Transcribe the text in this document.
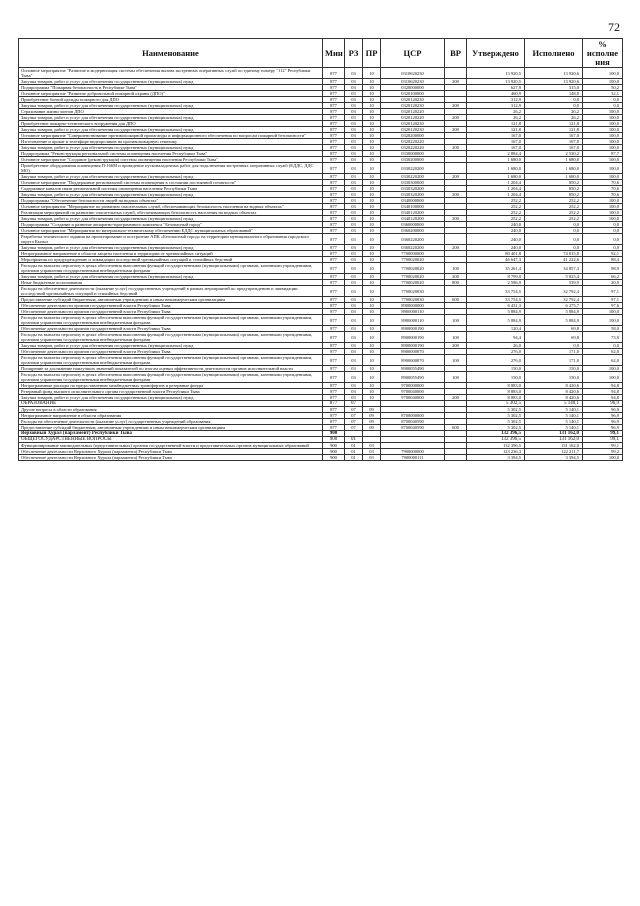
72
Наименование	Мин	РЗ	ПР	ЦСР	ВР	Утверждено	Исполнено	% исполне ния
Основное мероприятие "Развитие и модернизация системы обеспечения вызова экстренных оперативных служб по единому номеру "112" Республики Тыва"	877	03	10	0310620230		13 920,5	13 920,6	100,0
Закупка товаров, работ и услуг для обеспечения государственных (муниципальных) нужд	877	03	10	0310620230	200	13 920,5	13 920,6	100,0
Подпрограмма "Пожарная безопасность в Республике Тыва"	877	03	10	0320000000		627,9	315,0	50,2
Основное мероприятие "Развитие добровольной пожарной охраны (ДПО)"	877	03	10	0320100000		460,9	148,0	32,1
Приобретение боевой одежды пожарного для ДПО	877	03	10	0320120230		312,9	0,0	0,0
Закупка товаров, работ и услуг для обеспечения государственных (муниципальных) нужд	877	03	10	0320120230	200	312,9	0,0	0,0
Страхование жизни членов ДПО	877	03	10	0320120220		26,2	26,2	100,0
Закупка товаров, работ и услуг для обеспечения государственных (муниципальных) нужд	877	03	10	0320120220	200	26,2	26,2	100,0
Приобретение пожарно-технического вооружения для ДПО	877	03	10	0320120230		121,8	121,8	100,0
Закупка товаров, работ и услуг для обеспечения государственных (муниципальных) нужд	877	03	10	0320120230	200	121,8	121,8	100,0
Основное мероприятие "Совершенствование противопожарной пропаганды и информационного обеспечения по вопросам пожарной безопасности"	877	03	10	0320200000		167,0	167,0	100,0
Изготовление и прокат в телеэфире видеороликов на противопожарную тематику	877	03	10	0320220220		167,0	167,0	100,0
Закупка товаров, работ и услуг для обеспечения государственных (муниципальных) нужд	877	03	10	0320220220	200	167,0	167,0	100,0
Подпрограмма "Реконструкция региональной системы оповещения населения Республики Тыва"	877	03	10	0330000000		2 884,4	2 530,2	87,7
Основное мероприятие "Создание (реконструкция) системы оповещения населения Республики Тыва"	877	03	10	0330200000		1 680,0	1 680,0	100,0
Приобретение оборудования оповещения П-166М и проведение пусконаладочных работ для подключения экстренных оперативных служб (ЕДДС, ДДС МО)	877	03	10	0330220200		1 680,0	1 680,0	100,0
Закупка товаров, работ и услуг для обеспечения государственных (муниципальных) нужд	877	03	10	0330220200	200	1 680,0	1 680,0	100,0
Основное мероприятие "Поддержание региональной системы оповещения в состоянии постоянной готовности"	877	03	10	0330300000		1 204,4	850,2	70,6
Содержание каналов связи региональной системы оповещения населения Республики Тыва	877	03	10	0330320200		1 204,4	850,2	70,6
Закупка товаров, работ и услуг для обеспечения государственных (муниципальных) нужд	877	03	10	0330320200	200	1 204,4	850,2	70,6
Подпрограмма "Обеспечение безопасности людей на водных объектах"	877	03	10	0340000000		252,2	252,2	100,0
Основное мероприятие "Мероприятие по развитию спасательных служб, обеспечивающих безопасность населения на водных объектах"	877	03	10	0340100000		252,2	252,2	100,0
Реализация мероприятий по развитию спасательных служб, обеспечивающих безопасность населения на водных объектах	877	03	10	0340120200		252,2	252,2	100,0
Закупка товаров, работ и услуг для обеспечения государственных (муниципальных) нужд	877	03	10	0340120200	200	252,2	252,2	100,0
Подпрограмма "Создание и развитие аппаратно-программного комплекса "Безопасный город"	877	03	10	0360000000		240,0	0,0	0,0
Основное мероприятие "Мероприятия по материально-техническому обеспечению ЕДДС муниципальных образований"	877	03	10	0360200000		240,0	0,0	0,0
Разработка технического задания на проектирование и построение АПК «Безопасный город» на территории муниципального образования городского округа Кызыл	877	03	10	0360220200		240,0	0,0	0,0
Закупка товаров, работ и услуг для обеспечения государственных (муниципальных) нужд	877	03	10	0360220200	200	240,0	0,0	0,0
Непрограммное направление в области защиты населения и территории от чрезвычайных ситуаций	877	03	10	7700000000		80 401,8	74 015,0	92,1
Мероприятия по предупреждению и ликвидации последствий чрезвычайных ситуаций и стихийных бедствий	877	03	10	7700020020		46 647,3	41 222,6	88,4
Расходы на выплаты персоналу в целях обеспечения выполнения функций государственными (муниципальными) органами, казенными учреждениями, органами управления государственными внебюджетными фондами	877	03	10	7700020020	100	35 261,4	34 857,3	98,9
Закупка товаров, работ и услуг для обеспечения государственных (муниципальных) нужд	877	03	10	7700020020	200	8 799,0	5 825,4	66,2
Иные бюджетные ассигнования	877	03	10	7700020020	800	2 586,9	539,9	20,9
Расходы на обеспечение деятельности (оказание услуг) государственных учреждений в рамках мероприятий по предупреждению и ликвидации последствий чрезвычайных ситуаций и стихийных бедствий	877	03	10	7700020030		33 754,5	32 792,4	97,1
Предоставление субсидий бюджетным, автономным учреждениям и иным некоммерческим организациям	877	03	10	7700020030	600	33 754,5	32 792,4	97,1
Обеспечение деятельности органов государственной власти Республики Тыва	877	03	10	8900000000		6 431,3	6 275,7	97,6
Обеспечение деятельности органов государственной власти Республики Тыва	877	03	10	8900000110		5 884,9	5 884,9	100,0
Расходы на выплаты персоналу в целях обеспечения выполнения функций государственными (муниципальными) органами, казенными учреждениями, органами управления государственными внебюджетными фондами	877	03	10	8900000110	100	5 884,9	5 884,9	100,0
Обеспечение деятельности органов государственной власти Республики Тыва	877	03	10	8900000190		120,4	69,8	58,0
Расходы на выплаты персоналу в целях обеспечения выполнения функций государственными (муниципальными) органами, казенными учреждениями, органами управления государственными внебюджетными фондами	877	03	10	8900000190	100	94,4	69,8	73,9
Закупка товаров, работ и услуг для обеспечения государственных (муниципальных) нужд	877	03	10	8900000190	200	26,0	0,0	0,0
Обеспечение деятельности органов государственной власти Республики Тыва	877	03	10	8900000870		276,0	171,0	62,0
Расходы на выплаты персоналу в целях обеспечения выполнения функций государственными (муниципальными) органами, казенными учреждениями, органами управления государственными внебюджетными фондами	877	03	10	8900000870	100	276,0	171,0	62,0
Поощрение за достижение наилучших значений показателей по итогам оценки эффективности деятельности органов исполнительной власти	877	03	10	8900055490		150,0	150,0	100,0
Расходы на выплаты персоналу в целях обеспечения выполнения функций государственными (муниципальными) органами, казенными учреждениями, органами управления государственными внебюджетными фондами	877	03	10	8900055490	100	150,0	150,0	100,0
Непрограммные расходы по предоставлению межбюджетных трансфертов и резервные фонды	877	03	10	9700000000		8 883,0	8 420,6	94,8
Резервный фонд высшего исполнительного органа государственной власти Республики Тыва	877	03	10	9700040000		8 883,0	8 420,6	94,8
Закупка товаров, работ и услуг для обеспечения государственных (муниципальных) нужд	877	03	10	9700040000	200	8 883,0	8 420,6	94,8
ОБРАЗОВАНИЕ	877	07				5 302,5	5 140,1	96,9
Другие вопросы в области образования	877	07	09			5 302,5	5 140,1	96,9
Непрограммное направление в области образования	877	07	09	8700000000		5 302,5	5 140,1	96,9
Расходы на обеспечение деятельности (оказание услуг) государственных учреждений образования	877	07	09	8700040590		5 302,5	5 140,1	96,9
Предоставление субсидий бюджетным, автономным учреждениям и иным некоммерческим организациям	877	07	09	8700040590	600	5 302,5	5 140,1	96,9
Верховный Хурал (парламент) Республики Тыва	900					132 396,5	131 162,0	99,1
ОБЩЕГОСУДАРСТВЕННЫЕ ВОПРОСЫ	900	01				132 396,5	131 162,0	99,1
Функционирование законодательных (представительных) органов государственной власти и представительных органов муниципальных образований	900	01	03			132 396,5	131 162,0	99,1
Обеспечение деятельности Верховного Хурала (парламента) Республики Тыва	900	01	03	7900000000		123 236,3	122 211,7	99,2
Обеспечение деятельности Верховного Хурала (парламента) Республики Тыва	900	01	03	7900000111		3 394,5	3 394,5	100,0
